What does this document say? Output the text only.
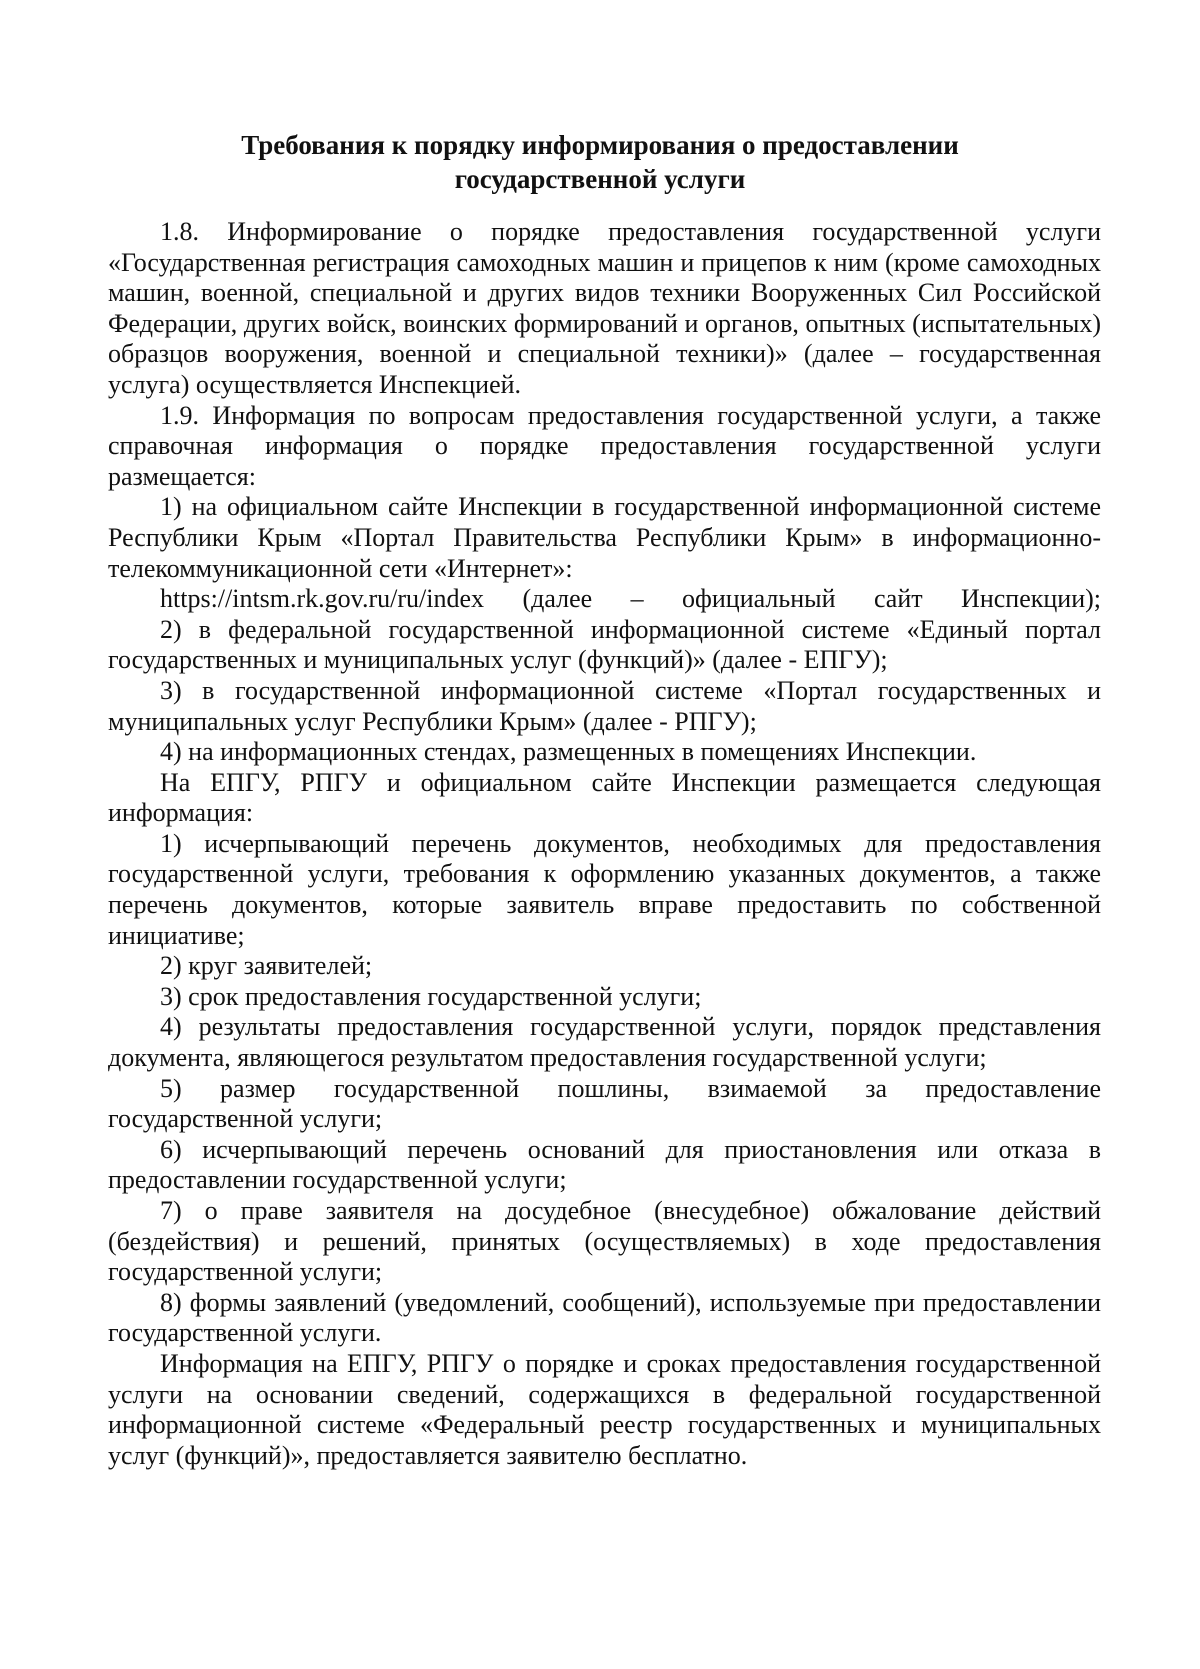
Требования к порядку информирования о предоставлении
государственной услуги

1.8. Информирование о порядке предоставления государственной услуги «Государственная регистрация самоходных машин и прицепов к ним (кроме самоходных машин, военной, специальной и других видов техники Вооруженных Сил Российской Федерации, других войск, воинских формирований и органов, опытных (испытательных) образцов вооружения, военной и специальной техники)» (далее – государственная услуга) осуществляется Инспекцией.

1.9. Информация по вопросам предоставления государственной услуги, а также справочная информация о порядке предоставления государственной услуги размещается:

1) на официальном сайте Инспекции в государственной информационной системе Республики Крым «Портал Правительства Республики Крым» в информационно-телекоммуникационной сети «Интернет»:

https://intsm.rk.gov.ru/ru/index (далее – официальный сайт Инспекции);

2) в федеральной государственной информационной системе «Единый портал государственных и муниципальных услуг (функций)» (далее - ЕПГУ);

3) в государственной информационной системе «Портал государственных и муниципальных услуг Республики Крым» (далее - РПГУ);

4) на информационных стендах, размещенных в помещениях Инспекции.

На ЕПГУ, РПГУ и официальном сайте Инспекции размещается следующая информация:

1) исчерпывающий перечень документов, необходимых для предоставления государственной услуги, требования к оформлению указанных документов, а также перечень документов, которые заявитель вправе предоставить по собственной инициативе;

2) круг заявителей;

3) срок предоставления государственной услуги;

4) результаты предоставления государственной услуги, порядок представления документа, являющегося результатом предоставления государственной услуги;

5) размер государственной пошлины, взимаемой за предоставление государственной услуги;

6) исчерпывающий перечень оснований для приостановления или отказа в предоставлении государственной услуги;

7) о праве заявителя на досудебное (внесудебное) обжалование действий (бездействия) и решений, принятых (осуществляемых) в ходе предоставления государственной услуги;

8) формы заявлений (уведомлений, сообщений), используемые при предоставлении государственной услуги.

Информация на ЕПГУ, РПГУ о порядке и сроках предоставления государственной услуги на основании сведений, содержащихся в федеральной государственной информационной системе «Федеральный реестр государственных и муниципальных услуг (функций)», предоставляется заявителю бесплатно.
